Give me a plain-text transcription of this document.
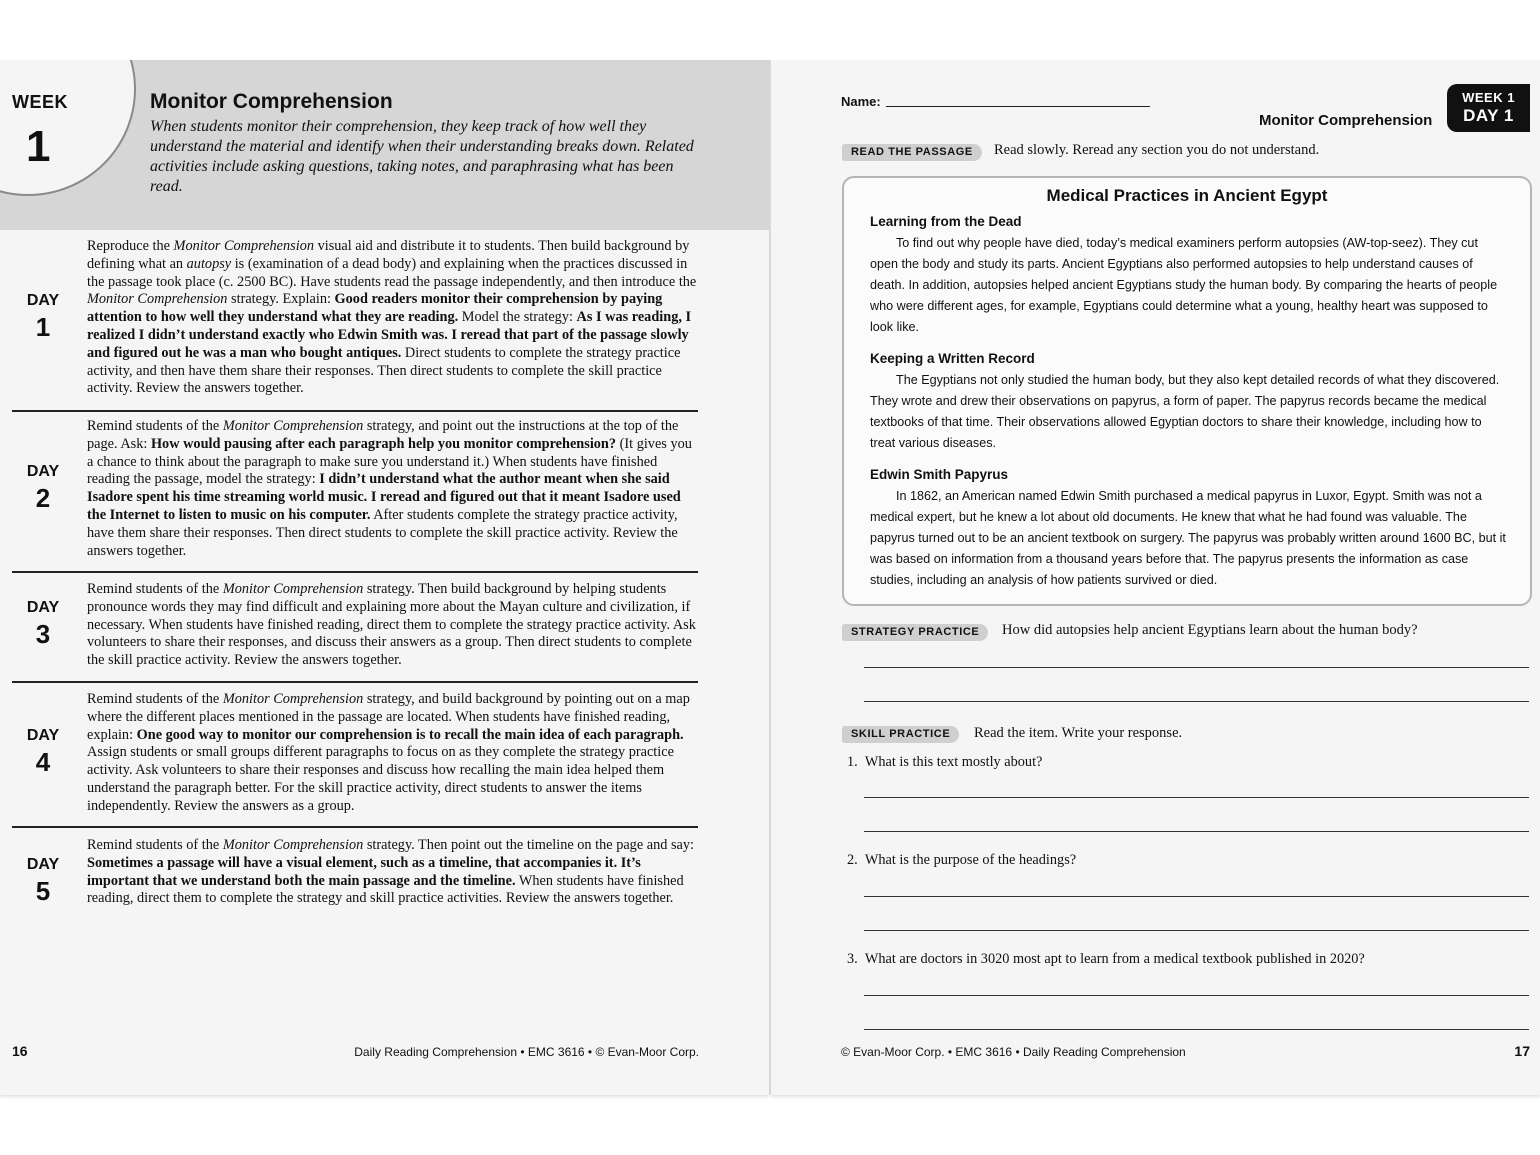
WEEK
1
Monitor Comprehension
When students monitor their comprehension, they keep track of how well they understand the material and identify when their understanding breaks down. Related activities include asking questions, taking notes, and paraphrasing what has been read.
DAY
1
Reproduce the Monitor Comprehension visual aid and distribute it to students. Then build background by defining what an autopsy is (examination of a dead body) and explaining when the practices discussed in the passage took place (c. 2500 BC). Have students read the passage independently, and then introduce the Monitor Comprehension strategy. Explain: Good readers monitor their comprehension by paying attention to how well they understand what they are reading. Model the strategy: As I was reading, I realized I didn’t understand exactly who Edwin Smith was. I reread that part of the passage slowly and figured out he was a man who bought antiques. Direct students to complete the strategy practice activity, and then have them share their responses. Then direct students to complete the skill practice activity. Review the answers together.
DAY
2
Remind students of the Monitor Comprehension strategy, and point out the instructions at the top of the page. Ask: How would pausing after each paragraph help you monitor comprehension? (It gives you a chance to think about the paragraph to make sure you understand it.) When students have finished reading the passage, model the strategy: I didn’t understand what the author meant when she said Isadore spent his time streaming world music. I reread and figured out that it meant Isadore used the Internet to listen to music on his computer. After students complete the strategy practice activity, have them share their responses. Then direct students to complete the skill practice activity. Review the answers together.
DAY
3
Remind students of the Monitor Comprehension strategy. Then build background by helping students pronounce words they may find difficult and explaining more about the Mayan culture and civilization, if necessary. When students have finished reading, direct them to complete the strategy practice activity. Ask volunteers to share their responses, and discuss their answers as a group. Then direct students to complete the skill practice activity. Review the answers together.
DAY
4
Remind students of the Monitor Comprehension strategy, and build background by pointing out on a map where the different places mentioned in the passage are located. When students have finished reading, explain: One good way to monitor our comprehension is to recall the main idea of each paragraph. Assign students or small groups different paragraphs to focus on as they complete the strategy practice activity. Ask volunteers to share their responses and discuss how recalling the main idea helped them understand the paragraph better. For the skill practice activity, direct students to answer the items independently. Review the answers as a group.
DAY
5
Remind students of the Monitor Comprehension strategy. Then point out the timeline on the page and say: Sometimes a passage will have a visual element, such as a timeline, that accompanies it. It’s important that we understand both the main passage and the timeline. When students have finished reading, direct them to complete the strategy and skill practice activities. Review the answers together.
16	Daily Reading Comprehension • EMC 3616 • © Evan-Moor Corp.
Name:
Monitor Comprehension
WEEK 1
DAY 1
READ THE PASSAGE	Read slowly. Reread any section you do not understand.
Medical Practices in Ancient Egypt
Learning from the Dead
To find out why people have died, today’s medical examiners perform autopsies (AW-top-seez). They cut open the body and study its parts. Ancient Egyptians also performed autopsies to help understand causes of death. In addition, autopsies helped ancient Egyptians study the human body. By comparing the hearts of people who were different ages, for example, Egyptians could determine what a young, healthy heart was supposed to look like.
Keeping a Written Record
The Egyptians not only studied the human body, but they also kept detailed records of what they discovered. They wrote and drew their observations on papyrus, a form of paper. The papyrus records became the medical textbooks of that time. Their observations allowed Egyptian doctors to share their knowledge, including how to treat various diseases.
Edwin Smith Papyrus
In 1862, an American named Edwin Smith purchased a medical papyrus in Luxor, Egypt. Smith was not a medical expert, but he knew a lot about old documents. He knew that what he had found was valuable. The papyrus turned out to be an ancient textbook on surgery. The papyrus was probably written around 1600 BC, but it was based on information from a thousand years before that. The papyrus presents the information as case studies, including an analysis of how patients survived or died.
STRATEGY PRACTICE	How did autopsies help ancient Egyptians learn about the human body?
SKILL PRACTICE	Read the item. Write your response.
1. What is this text mostly about?
2. What is the purpose of the headings?
3. What are doctors in 3020 most apt to learn from a medical textbook published in 2020?
© Evan-Moor Corp. • EMC 3616 • Daily Reading Comprehension	17
